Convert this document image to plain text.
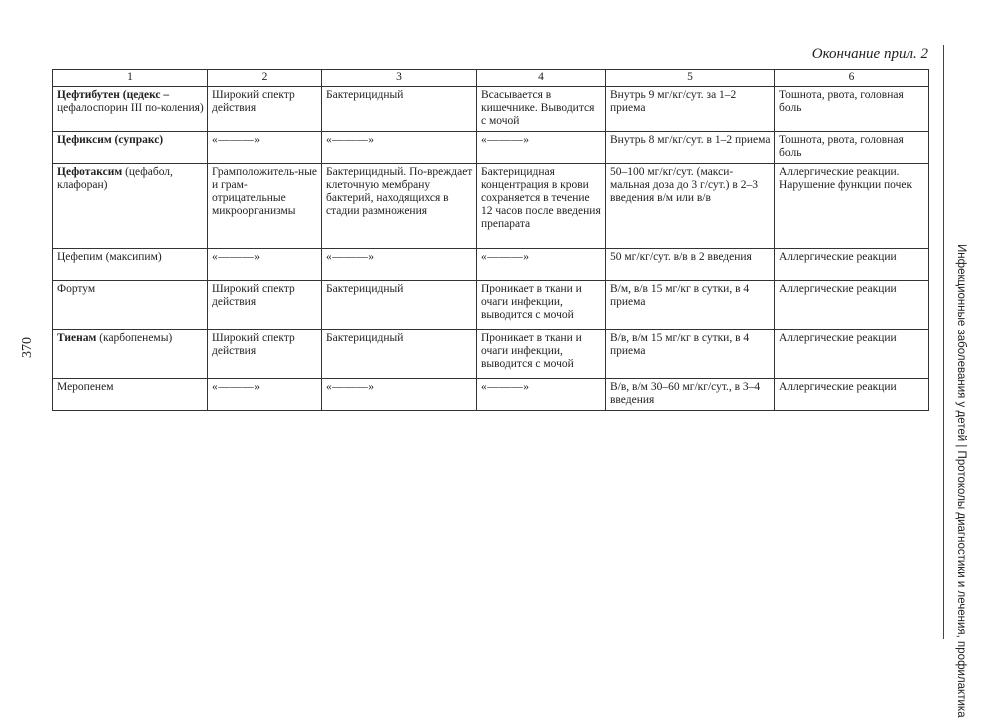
Окончание прил. 2
Инфекционные заболевания у детей | Протоколы диагностики и лечения, профилактика
370
1	2	3	4	5	6
Цефтибутен (цедекс – цефалоспорин III по-коления)	Широкий спектр действия	Бактерицидный	Всасывается в кишечнике. Выводится с мочой	Внутрь 9 мг/кг/сут. за 1–2 приема	Тошнота, рвота, головная боль
Цефиксим (супракс)	«———»	«———»	«———»	Внутрь 8 мг/кг/сут. в 1–2 приема	Тошнота, рвота, головная боль
Цефотаксим (цефабол, клафоран)	Грамположитель-ные и грам-отрицательные микроорганизмы	Бактерицидный. По-вреждает клеточную мембрану бактерий, находящихся в стадии размножения	Бактерицидная концентрация в крови сохраняется в течение 12 часов после введения препарата	50–100 мг/кг/сут. (макси-мальная доза до 3 г/сут.) в 2–3 введения в/м или в/в	Аллергические реакции. Нарушение функции почек
Цефепим (максипим)	«———»	«———»	«———»	50 мг/кг/сут. в/в в 2 введения	Аллергические реакции
Фортум	Широкий спектр действия	Бактерицидный	Проникает в ткани и очаги инфекции, выводится с мочой	В/м, в/в 15 мг/кг в сутки, в 4 приема	Аллергические реакции
Тиенам (карбопенемы)	Широкий спектр действия	Бактерицидный	Проникает в ткани и очаги инфекции, выводится с мочой	В/в, в/м 15 мг/кг в сутки, в 4 приема	Аллергические реакции
Меропенем	«———»	«———»	«———»	В/в, в/м 30–60 мг/кг/сут., в 3–4 введения	Аллергические реакции
